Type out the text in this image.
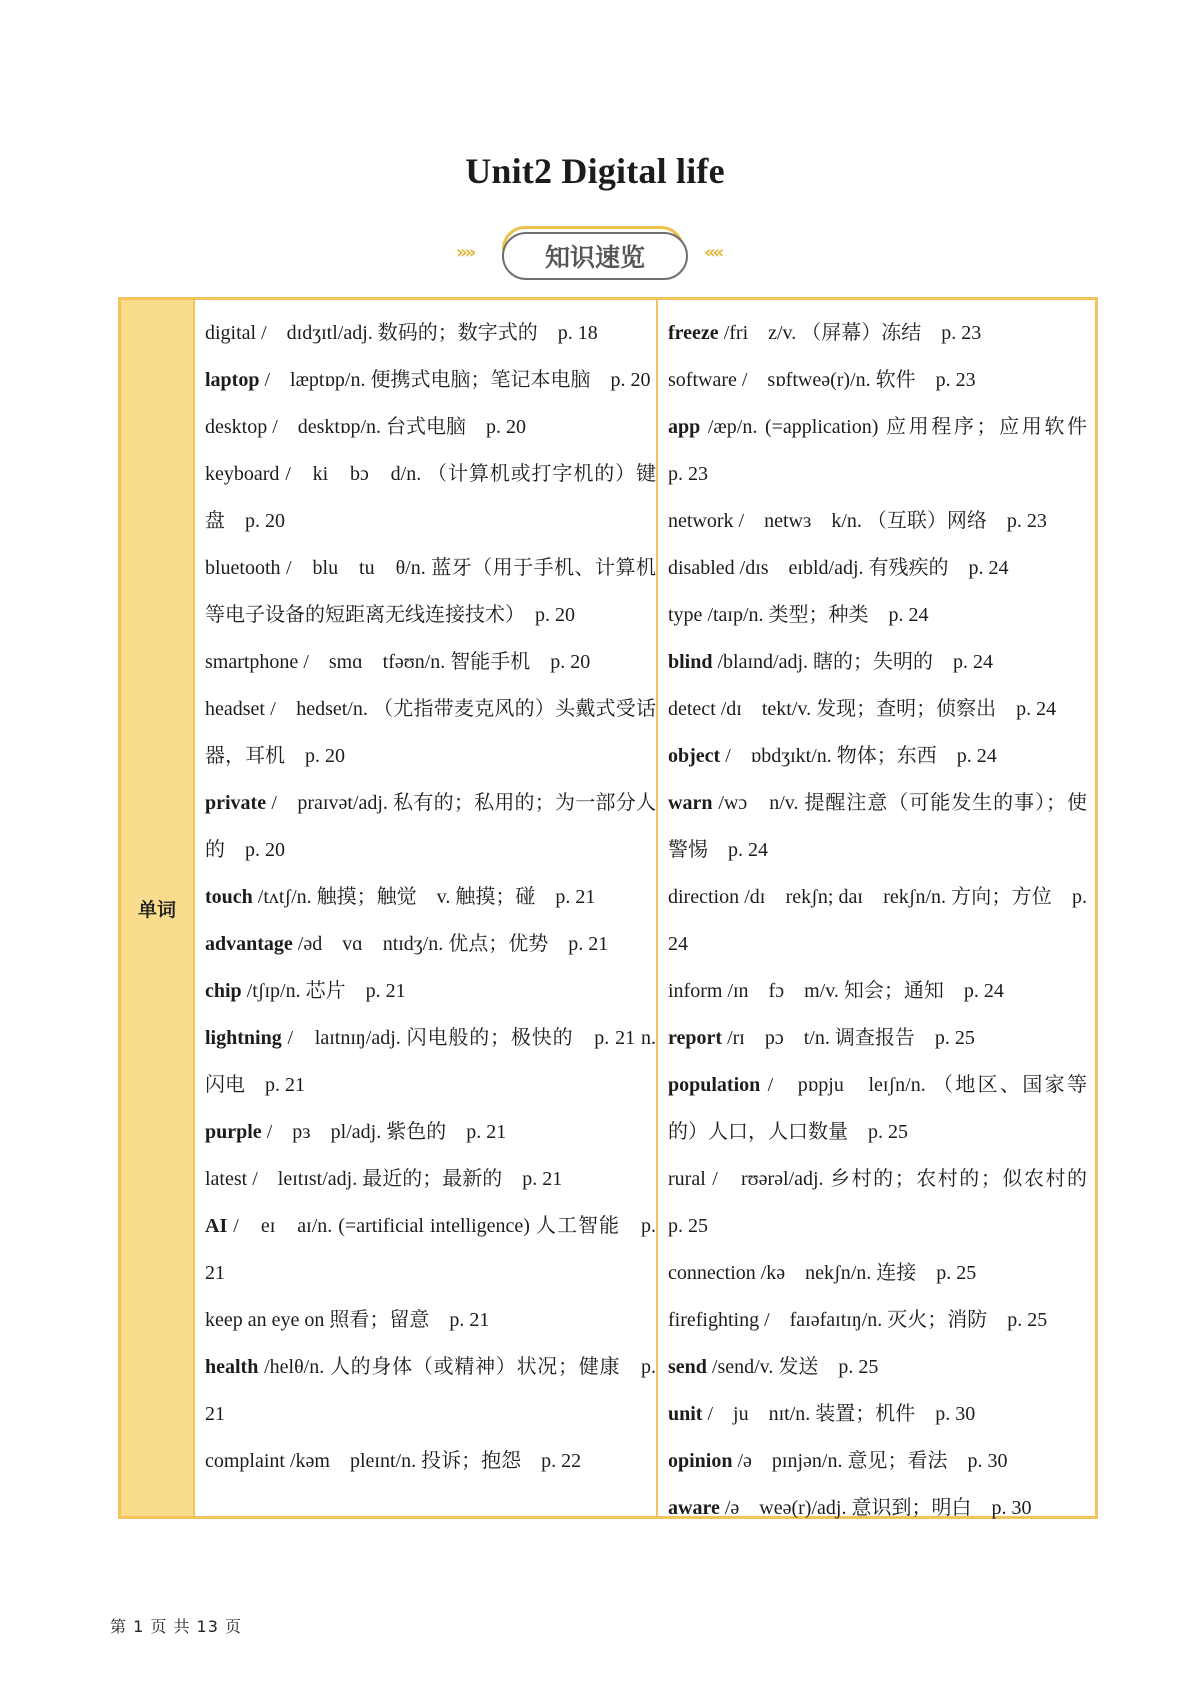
Unit2 Digital life
»»	知识速览	««
单词
digital /　dɪdʒɪtl/adj. 数码的；数字式的　p. 18
laptop /　læptɒp/n. 便携式电脑；笔记本电脑　p. 20
desktop /　desktɒp/n. 台式电脑　p. 20
keyboard /　ki　bɔ　d/n. （计算机或打字机的）键盘　p. 20
bluetooth /　blu　tu　θ/n. 蓝牙（用于手机、计算机等电子设备的短距离无线连接技术）　p. 20
smartphone /　smɑ　tfəʊn/n. 智能手机　p. 20
headset /　hedset/n. （尤指带麦克风的）头戴式受话器，耳机　p. 20
private /　praɪvət/adj. 私有的；私用的；为一部分人的　p. 20
touch /tʌtʃ/n. 触摸；触觉　v. 触摸；碰　p. 21
advantage /əd　vɑ　ntɪdʒ/n. 优点；优势　p. 21
chip /tʃɪp/n. 芯片　p. 21
lightning /　laɪtnɪŋ/adj. 闪电般的；极快的　p. 21 n. 闪电　p. 21
purple /　pɜ　pl/adj. 紫色的　p. 21
latest /　leɪtɪst/adj. 最近的；最新的　p. 21
AI /　eɪ　aɪ/n. (=artificial intelligence) 人工智能　p. 21
keep an eye on 照看；留意　p. 21
health /helθ/n. 人的身体（或精神）状况；健康　p. 21
complaint /kəm　pleɪnt/n. 投诉；抱怨　p. 22
freeze /fri　z/v. （屏幕）冻结　p. 23
software /　sɒftweə(r)/n. 软件　p. 23
app /æp/n. (=application) 应用程序；应用软件　p. 23
network /　netwɜ　k/n. （互联）网络　p. 23
disabled /dɪs　eɪbld/adj. 有残疾的　p. 24
type /taɪp/n. 类型；种类　p. 24
blind /blaɪnd/adj. 瞎的；失明的　p. 24
detect /dɪ　tekt/v. 发现；查明；侦察出　p. 24
object /　ɒbdʒɪkt/n. 物体；东西　p. 24
warn /wɔ　n/v. 提醒注意（可能发生的事）；使警惕　p. 24
direction /dɪ　rekʃn; daɪ　rekʃn/n. 方向；方位　p. 24
inform /ɪn　fɔ　m/v. 知会；通知　p. 24
report /rɪ　pɔ　t/n. 调查报告　p. 25
population /　pɒpju　leɪʃn/n. （地区、国家等的）人口，人口数量　p. 25
rural /　rʊərəl/adj. 乡村的；农村的；似农村的　p. 25
connection /kə　nekʃn/n. 连接　p. 25
firefighting /　faɪəfaɪtɪŋ/n. 灭火；消防　p. 25
send /send/v. 发送　p. 25
unit /　ju　nɪt/n. 装置；机件　p. 30
opinion /ə　pɪnjən/n. 意见；看法　p. 30
aware /ə　weə(r)/adj. 意识到；明白　p. 30
第 1 页 共 13 页
